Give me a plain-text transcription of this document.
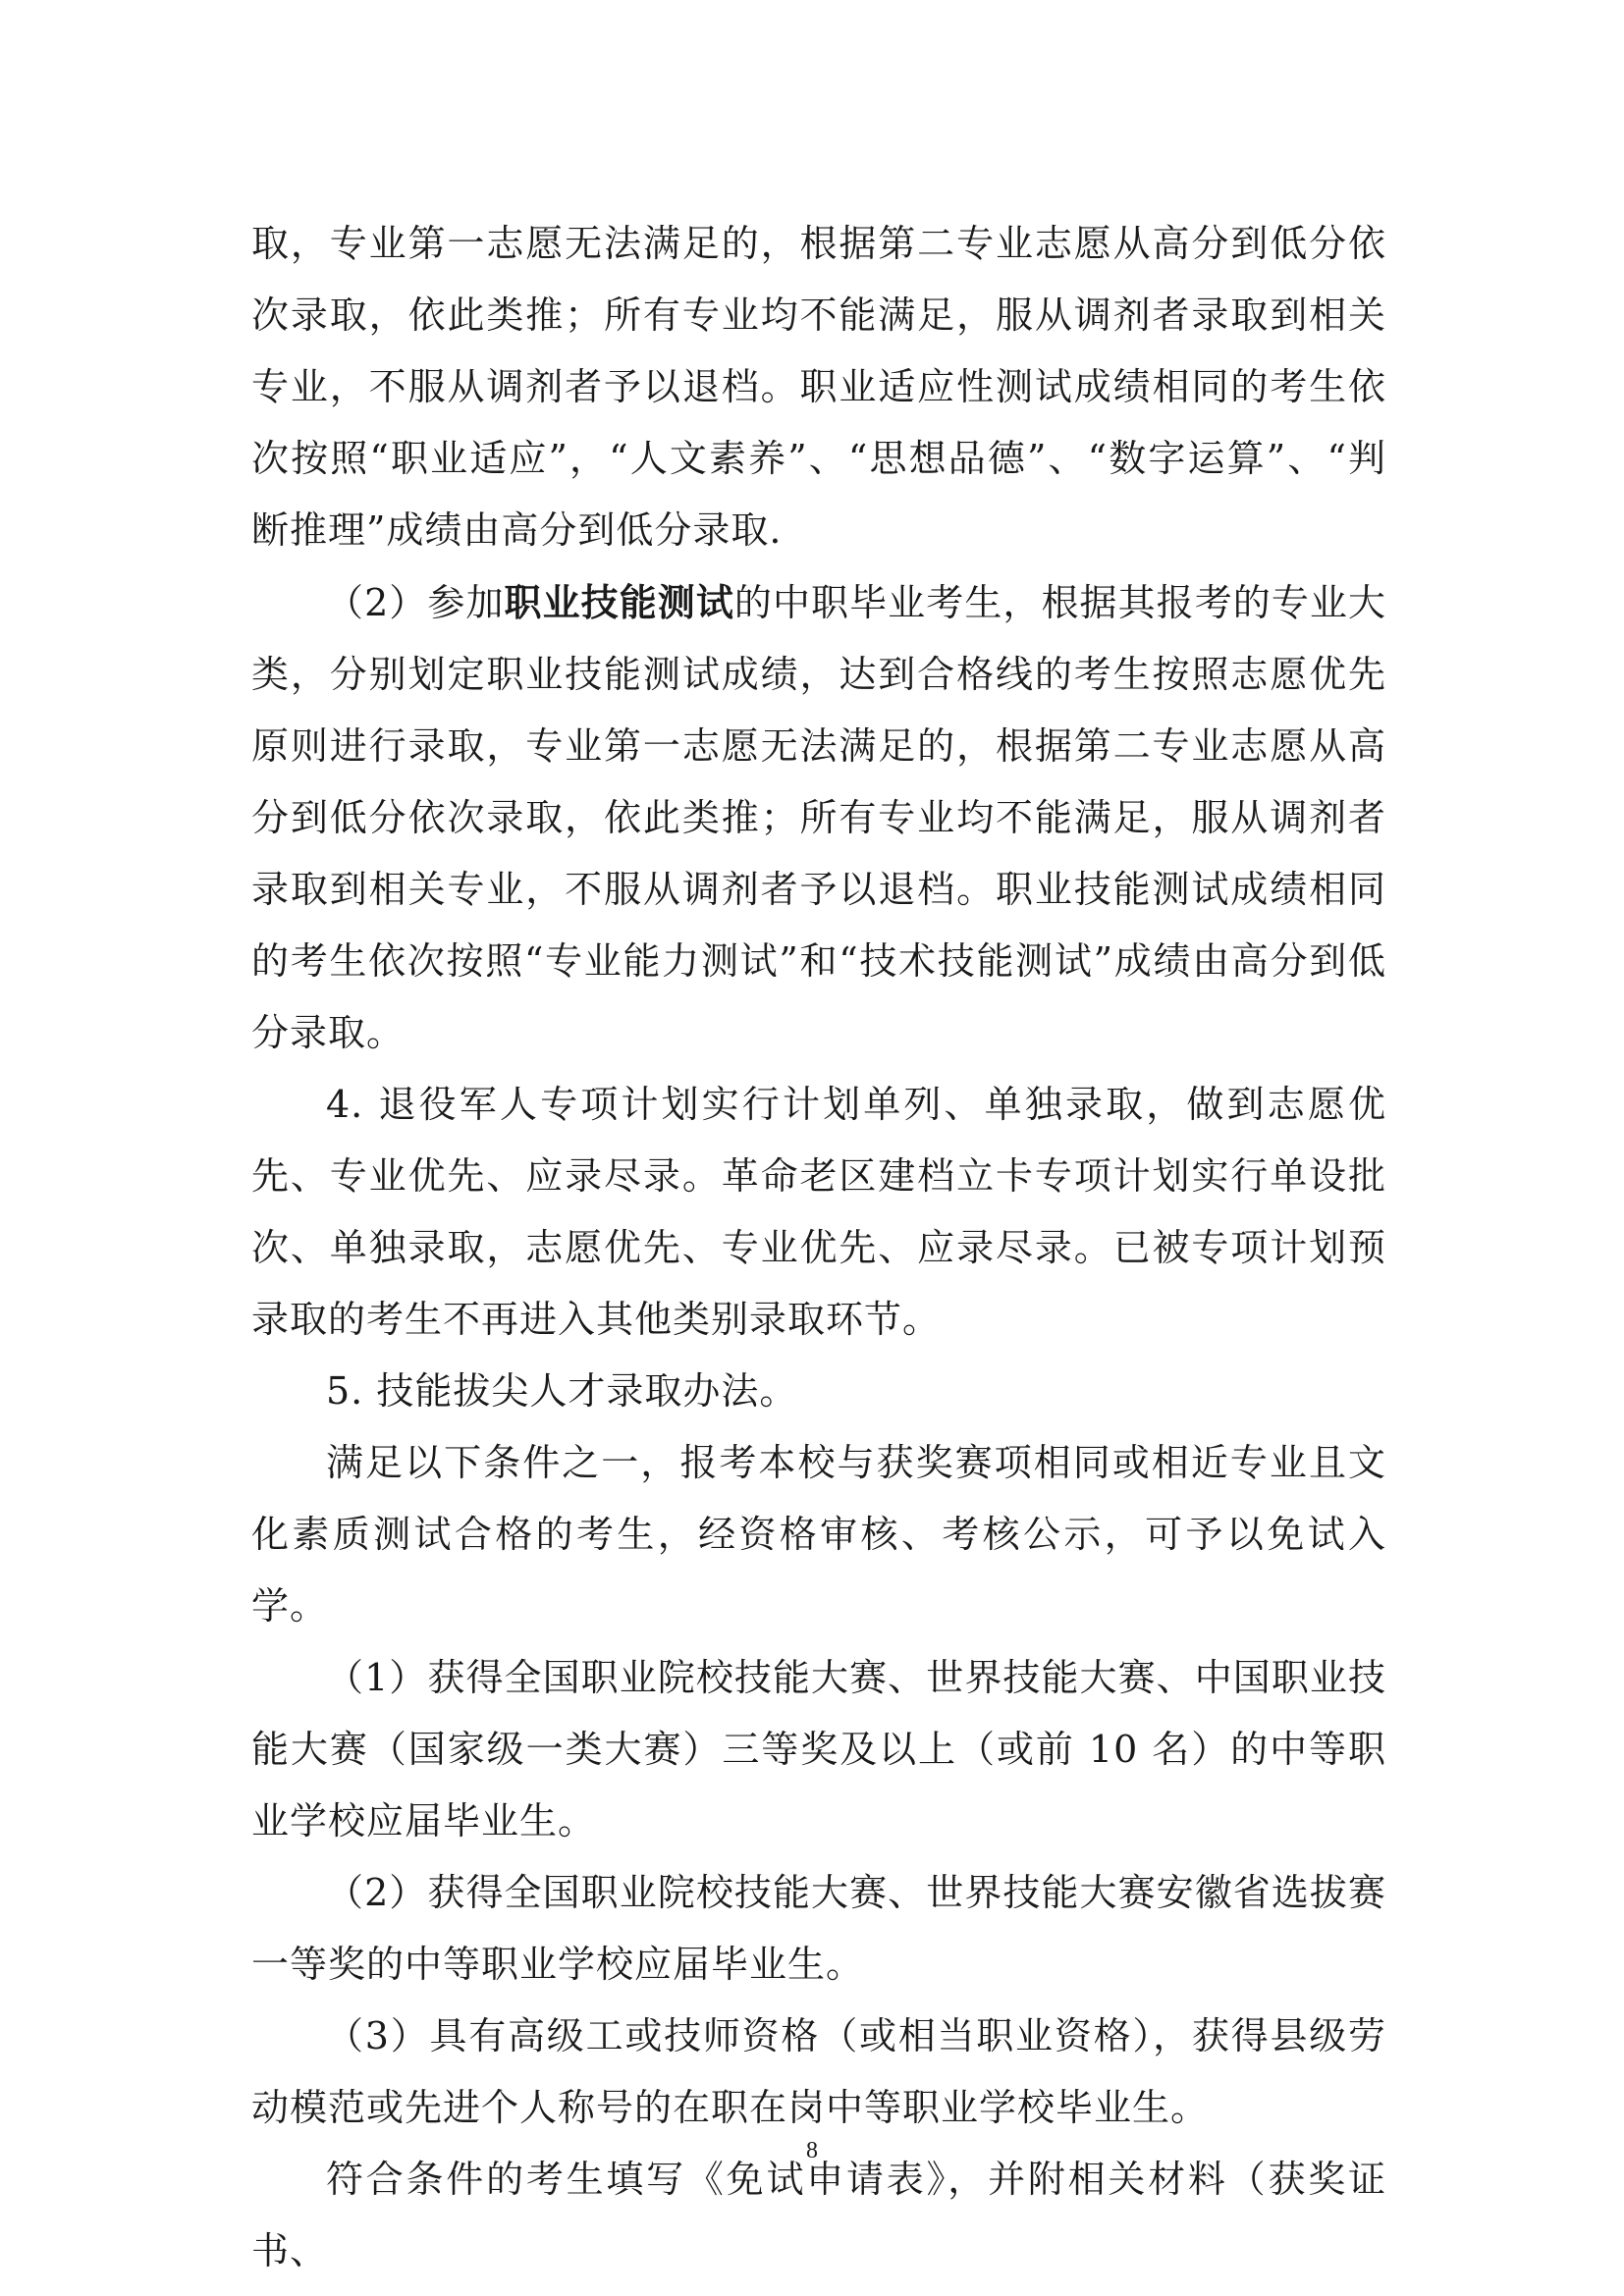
取，专业第一志愿无法满足的，根据第二专业志愿从高分到低分依次录取，依此类推；所有专业均不能满足，服从调剂者录取到相关专业，不服从调剂者予以退档。职业适应性测试成绩相同的考生依次按照“职业适应”，“人文素养”、“思想品德”、“数字运算”、“判断推理”成绩由高分到低分录取.

（2）参加职业技能测试的中职毕业考生，根据其报考的专业大类，分别划定职业技能测试成绩，达到合格线的考生按照志愿优先原则进行录取，专业第一志愿无法满足的，根据第二专业志愿从高分到低分依次录取，依此类推；所有专业均不能满足，服从调剂者录取到相关专业，不服从调剂者予以退档。职业技能测试成绩相同的考生依次按照“专业能力测试”和“技术技能测试”成绩由高分到低分录取。

4. 退役军人专项计划实行计划单列、单独录取，做到志愿优先、专业优先、应录尽录。革命老区建档立卡专项计划实行单设批次、单独录取，志愿优先、专业优先、应录尽录。已被专项计划预录取的考生不再进入其他类别录取环节。

5. 技能拔尖人才录取办法。

满足以下条件之一，报考本校与获奖赛项相同或相近专业且文化素质测试合格的考生，经资格审核、考核公示，可予以免试入学。

（1）获得全国职业院校技能大赛、世界技能大赛、中国职业技能大赛（国家级一类大赛）三等奖及以上（或前 10 名）的中等职业学校应届毕业生。

（2）获得全国职业院校技能大赛、世界技能大赛安徽省选拔赛一等奖的中等职业学校应届毕业生。

（3）具有高级工或技师资格（或相当职业资格），获得县级劳动模范或先进个人称号的在职在岗中等职业学校毕业生。

符合条件的考生填写《免试申请表》，并附相关材料（获奖证书、

8
